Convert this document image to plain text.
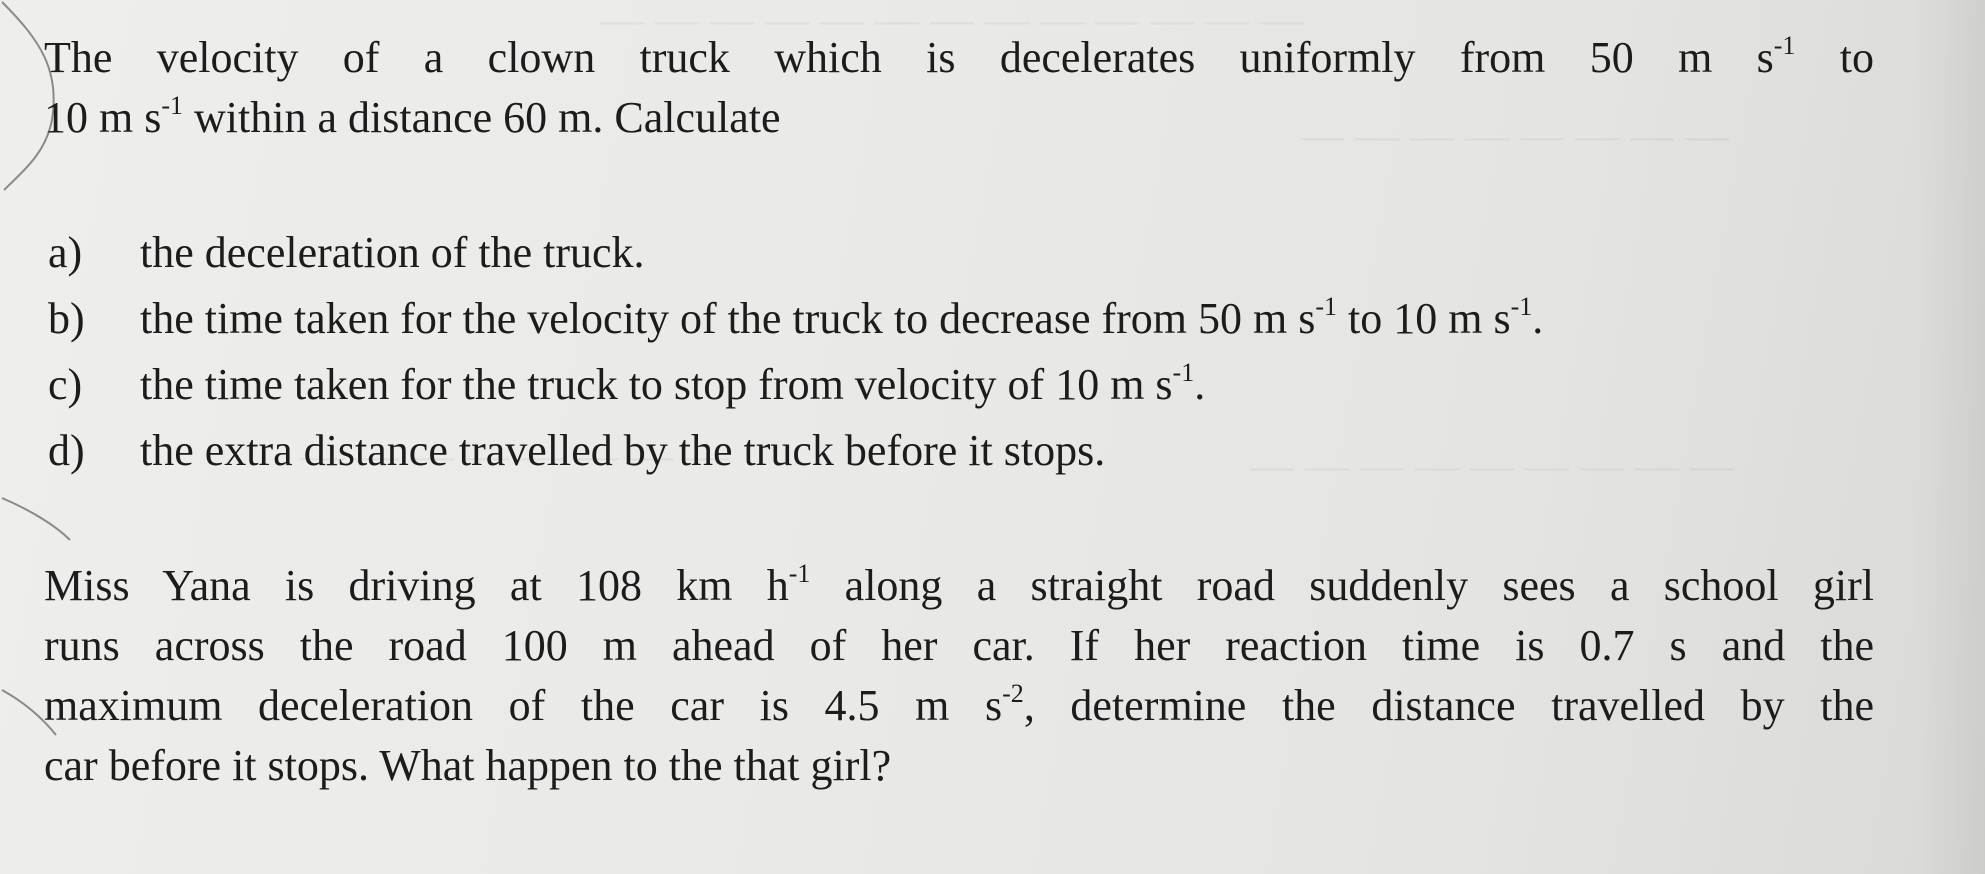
The velocity of a clown truck which is decelerates uniformly from 50 m $s^{-1}$ to
10 m $s^{-1}$ within a distance 60 m. Calculate
a)	the deceleration of the truck.
b)	the time taken for the velocity of the truck to decrease from 50 m $s^{-1}$ to 10 m $s^{-1}$.
c)	the time taken for the truck to stop from velocity of 10 m $s^{-1}$.
d)	the extra distance travelled by the truck before it stops.
Miss Yana is driving at 108 km $h^{-1}$ along a straight road suddenly sees a school girl
runs across the road 100 m ahead of her car. If her reaction time is 0.7 s and the
maximum deceleration of the car is 4.5 m $s^{-2}$, determine the distance travelled by the
car before it stops. What happen to the that girl?
